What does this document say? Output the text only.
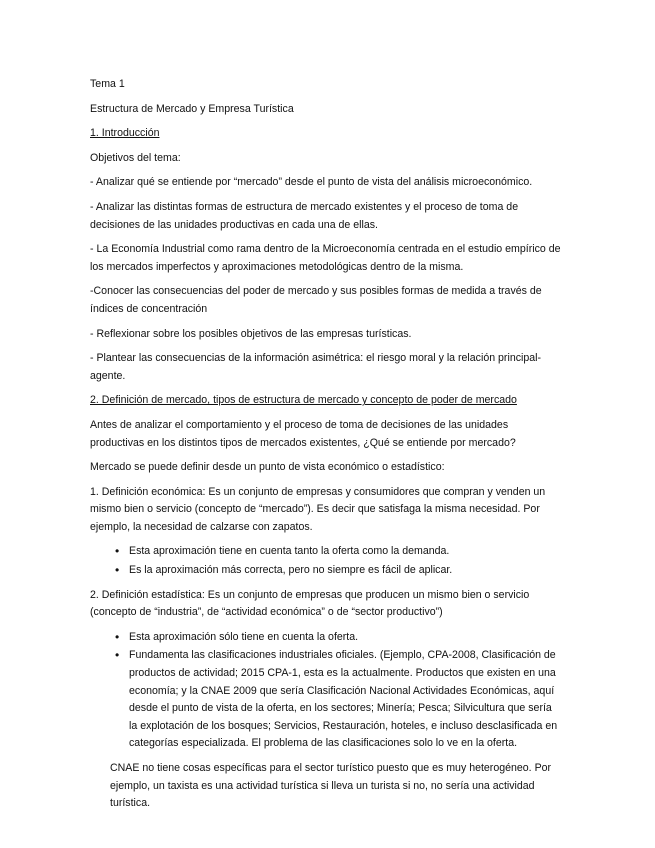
Tema 1

Estructura de Mercado y Empresa Turística

1. Introducción

Objetivos del tema:

- Analizar qué se entiende por “mercado” desde el punto de vista del análisis microeconómico.

- Analizar las distintas formas de estructura de mercado existentes y el proceso de toma de decisiones de las unidades productivas en cada una de ellas.

- La Economía Industrial como rama dentro de la Microeconomía centrada en el estudio empírico de los mercados imperfectos y aproximaciones metodológicas dentro de la misma.

-Conocer las consecuencias del poder de mercado y sus posibles formas de medida a través de índices de concentración

- Reflexionar sobre los posibles objetivos de las empresas turísticas.

- Plantear las consecuencias de la información asimétrica: el riesgo moral y la relación principal-agente.

2. Definición de mercado, tipos de estructura de mercado y concepto de poder de mercado

Antes de analizar el comportamiento y el proceso de toma de decisiones de las unidades productivas en los distintos tipos de mercados existentes, ¿Qué se entiende por mercado?

Mercado se puede definir desde un punto de vista económico o estadístico:

1. Definición económica: Es un conjunto de empresas y consumidores que compran y venden un mismo bien o servicio (concepto de “mercado”). Es decir que satisfaga la misma necesidad. Por ejemplo, la necesidad de calzarse con zapatos.

• Esta aproximación tiene en cuenta tanto la oferta como la demanda.
• Es la aproximación más correcta, pero no siempre es fácil de aplicar.

2. Definición estadística: Es un conjunto de empresas que producen un mismo bien o servicio (concepto de “industria”, de “actividad económica” o de “sector productivo”)

• Esta aproximación sólo tiene en cuenta la oferta.
• Fundamenta las clasificaciones industriales oficiales. (Ejemplo, CPA-2008, Clasificación de productos de actividad; 2015 CPA-1, esta es la actualmente. Productos que existen en una economía; y la CNAE 2009 que sería Clasificación Nacional Actividades Económicas, aquí desde el punto de vista de la oferta, en los sectores; Minería; Pesca; Silvicultura que sería la explotación de los bosques; Servicios, Restauración, hoteles, e incluso desclasificada en categorías especializada. El problema de las clasificaciones solo lo ve en la oferta.

CNAE no tiene cosas específicas para el sector turístico puesto que es muy heterogéneo. Por ejemplo, un taxista es una actividad turística si lleva un turista si no, no sería una actividad turística.
